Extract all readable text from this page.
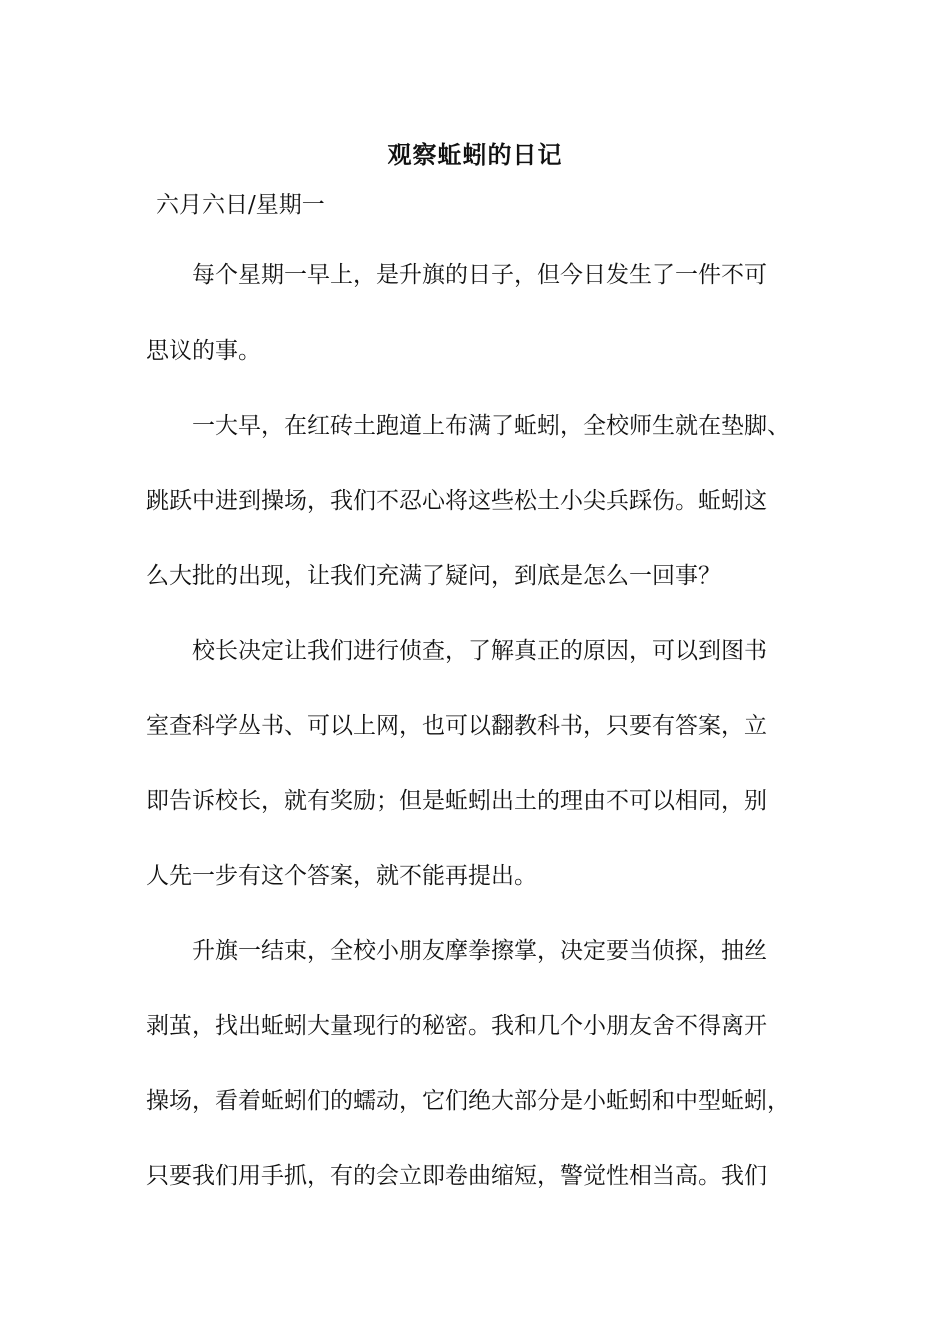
观察蚯蚓的日记
六月六日/星期一
　　每个星期一早上，是升旗的日子，但今日发生了一件不可
思议的事。
　　一大早，在红砖土跑道上布满了蚯蚓，全校师生就在垫脚、
跳跃中进到操场，我们不忍心将这些松土小尖兵踩伤。蚯蚓这
么大批的出现，让我们充满了疑问，到底是怎么一回事？
　　校长决定让我们进行侦查，了解真正的原因，可以到图书
室查科学丛书、可以上网，也可以翻教科书，只要有答案，立
即告诉校长，就有奖励；但是蚯蚓出土的理由不可以相同，别
人先一步有这个答案，就不能再提出。
　　升旗一结束，全校小朋友摩拳擦掌，决定要当侦探，抽丝
剥茧，找出蚯蚓大量现行的秘密。我和几个小朋友舍不得离开
操场，看着蚯蚓们的蠕动，它们绝大部分是小蚯蚓和中型蚯蚓，
只要我们用手抓，有的会立即卷曲缩短，警觉性相当高。我们
